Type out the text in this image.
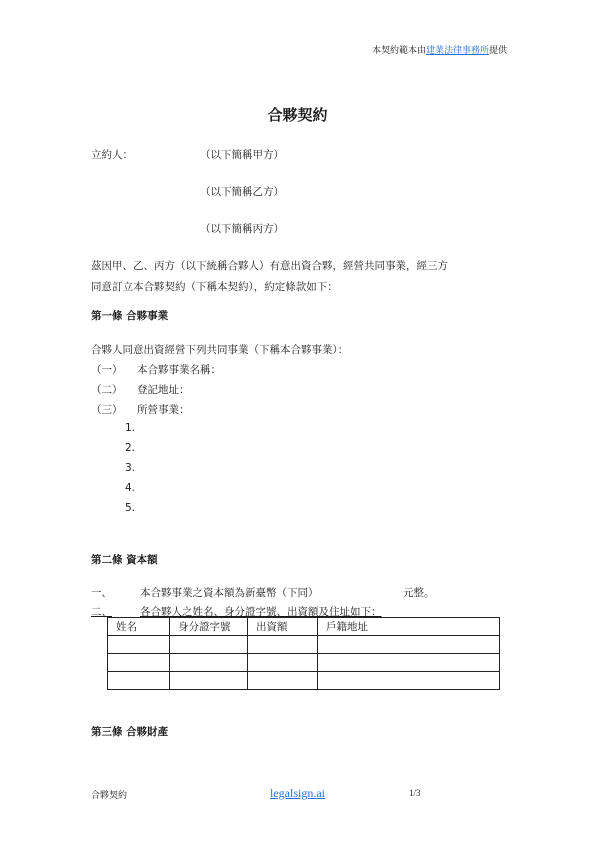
本契約範本由建業法律事務所提供
合夥契約
立約人：	（以下簡稱甲方）
（以下簡稱乙方）
（以下簡稱丙方）
茲因甲、乙、丙方（以下統稱合夥人）有意出資合夥，經營共同事業，經三方
同意訂立本合夥契約（下稱本契約），約定條款如下：
第一條 合夥事業
合夥人同意出資經營下列共同事業（下稱本合夥事業）：
（一） 本合夥事業名稱：
（二） 登記地址：
（三） 所營事業：
1.
2.
3.
4.
5.
第二條 資本額
一、	本合夥事業之資本額為新臺幣（下同）	元整。
二、	各合夥人之姓名、身分證字號、出資額及住址如下：
姓名	身分證字號	出資額	戶籍地址

第三條 合夥財產
合夥契約	legalsign.ai	1/3
